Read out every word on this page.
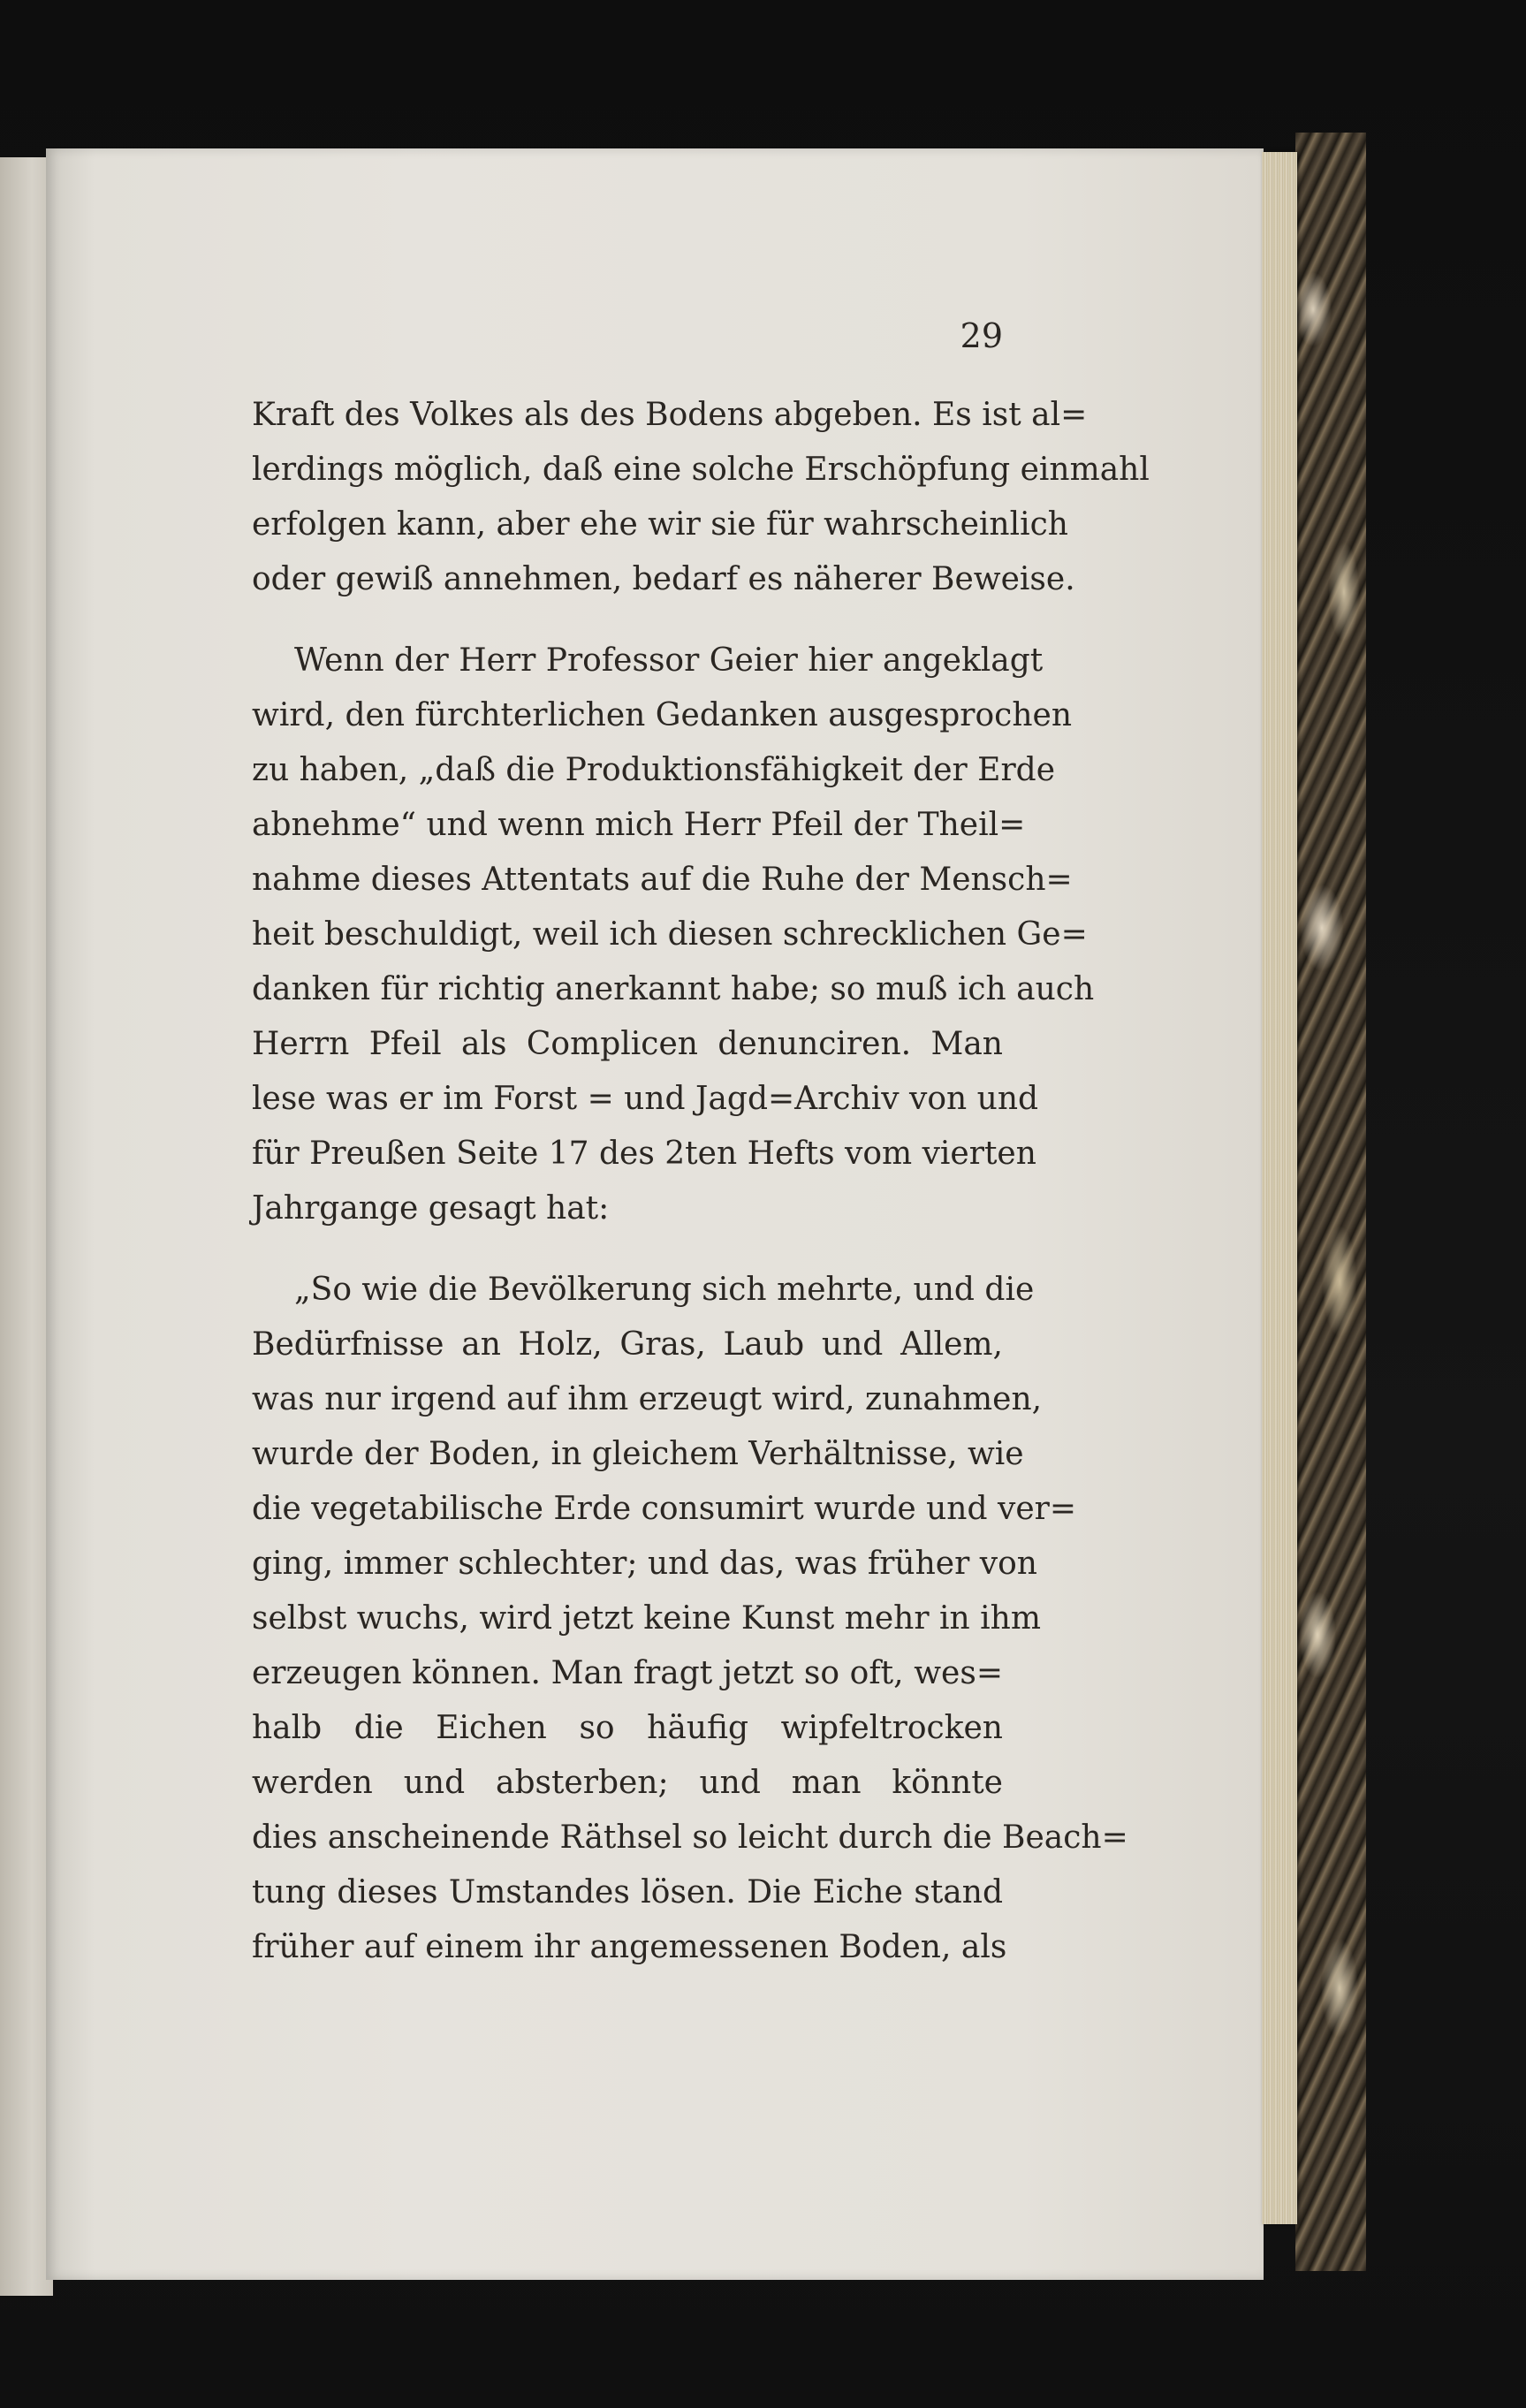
29
Kraft des Volkes als des Bodens abgeben. Es ist al=
lerdings möglich, daß eine solche Erschöpfung einmahl
erfolgen kann, aber ehe wir sie für wahrscheinlich
oder gewiß annehmen, bedarf es näherer Beweise.
Wenn der Herr Professor Geier hier angeklagt
wird, den fürchterlichen Gedanken ausgesprochen
zu haben, „daß die Produktionsfähigkeit der Erde
abnehme“ und wenn mich Herr Pfeil der Theil=
nahme dieses Attentats auf die Ruhe der Mensch=
heit beschuldigt, weil ich diesen schrecklichen Ge=
danken für richtig anerkannt habe; so muß ich auch
Herrn Pfeil als Complicen denunciren. Man
lese was er im Forst = und Jagd=Archiv von und
für Preußen Seite 17 des 2ten Hefts vom vierten
Jahrgange gesagt hat:
„So wie die Bevölkerung sich mehrte, und die
Bedürfnisse an Holz, Gras, Laub und Allem,
was nur irgend auf ihm erzeugt wird, zunahmen,
wurde der Boden, in gleichem Verhältnisse, wie
die vegetabilische Erde consumirt wurde und ver=
ging, immer schlechter; und das, was früher von
selbst wuchs, wird jetzt keine Kunst mehr in ihm
erzeugen können. Man fragt jetzt so oft, wes=
halb die Eichen so häufig wipfeltrocken
werden und absterben; und man könnte
dies anscheinende Räthsel so leicht durch die Beach=
tung dieses Umstandes lösen. Die Eiche stand
früher auf einem ihr angemessenen Boden, als
